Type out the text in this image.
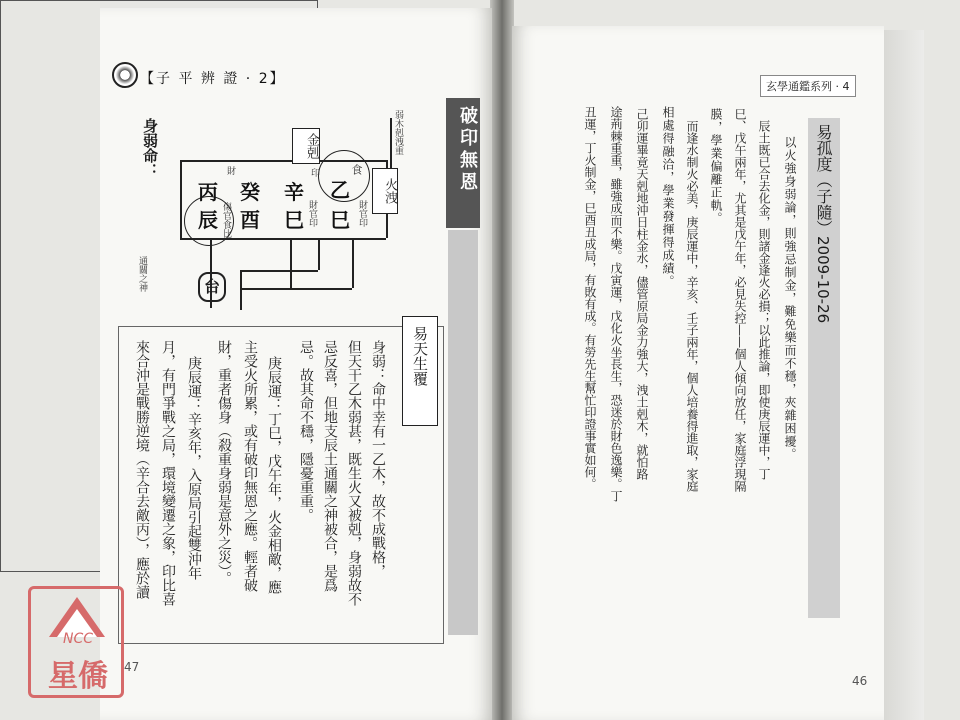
【子 平 辨 證 · 2】
破印無恩
身弱命：
丙 癸 辛 乙
辰 酉 巳 巳
金剋
火洩
弱木剋洩重
食
財	印
傷官食比	財官印	財官印
通關之神	台
易天生覆
身弱：命中幸有一乙木，故不成戰格，
但天干乙木弱甚，既生火又被剋，身弱故不
忌反喜，但地支辰土通關之神被合，是爲
忌。故其命不穩，隱憂重重。
庚辰運：丁巳，戊午年，火金相敵，應
主受火所累，或有破印無恩之應。輕者破
財，重者傷身（殺重身弱是意外之災）。
庚辰運：辛亥年，入原局引起雙沖年
月，有門爭戰之局，環境變遷之象，印比喜
來合沖是戰勝逆境（辛合去敵丙），應於讀
47
玄學通鑑系列 · 4
易孤度（子隨）
2009-10-26
以火強身弱論，則強忌制金，難免樂而不穩，夾雜困擾。
辰土既已合去化金，則諸金逢火必損；以此推論，即使庚辰運中，丁
巳、戊午兩年，尤其是戊午年，必見失控——個人傾向放任，家庭浮現隔
膜，學業偏離正軌。
而逢水制火必美，庚辰運中，辛亥、壬子兩年，個人培養得進取，家庭
相處得融洽，學業發揮得成績。
己卯運畢竟天剋地沖日柱金水，儘管原局金力強大，洩土剋木，就怕路
途荊棘重重，雖強成而不樂。戊寅運，戊化火坐長生，恐迷於財色逸樂。丁
丑運，丁火制金，巳酉丑成局，有敗有成。有勞先生幫忙印證事實如何。
46
NCC
星僑
